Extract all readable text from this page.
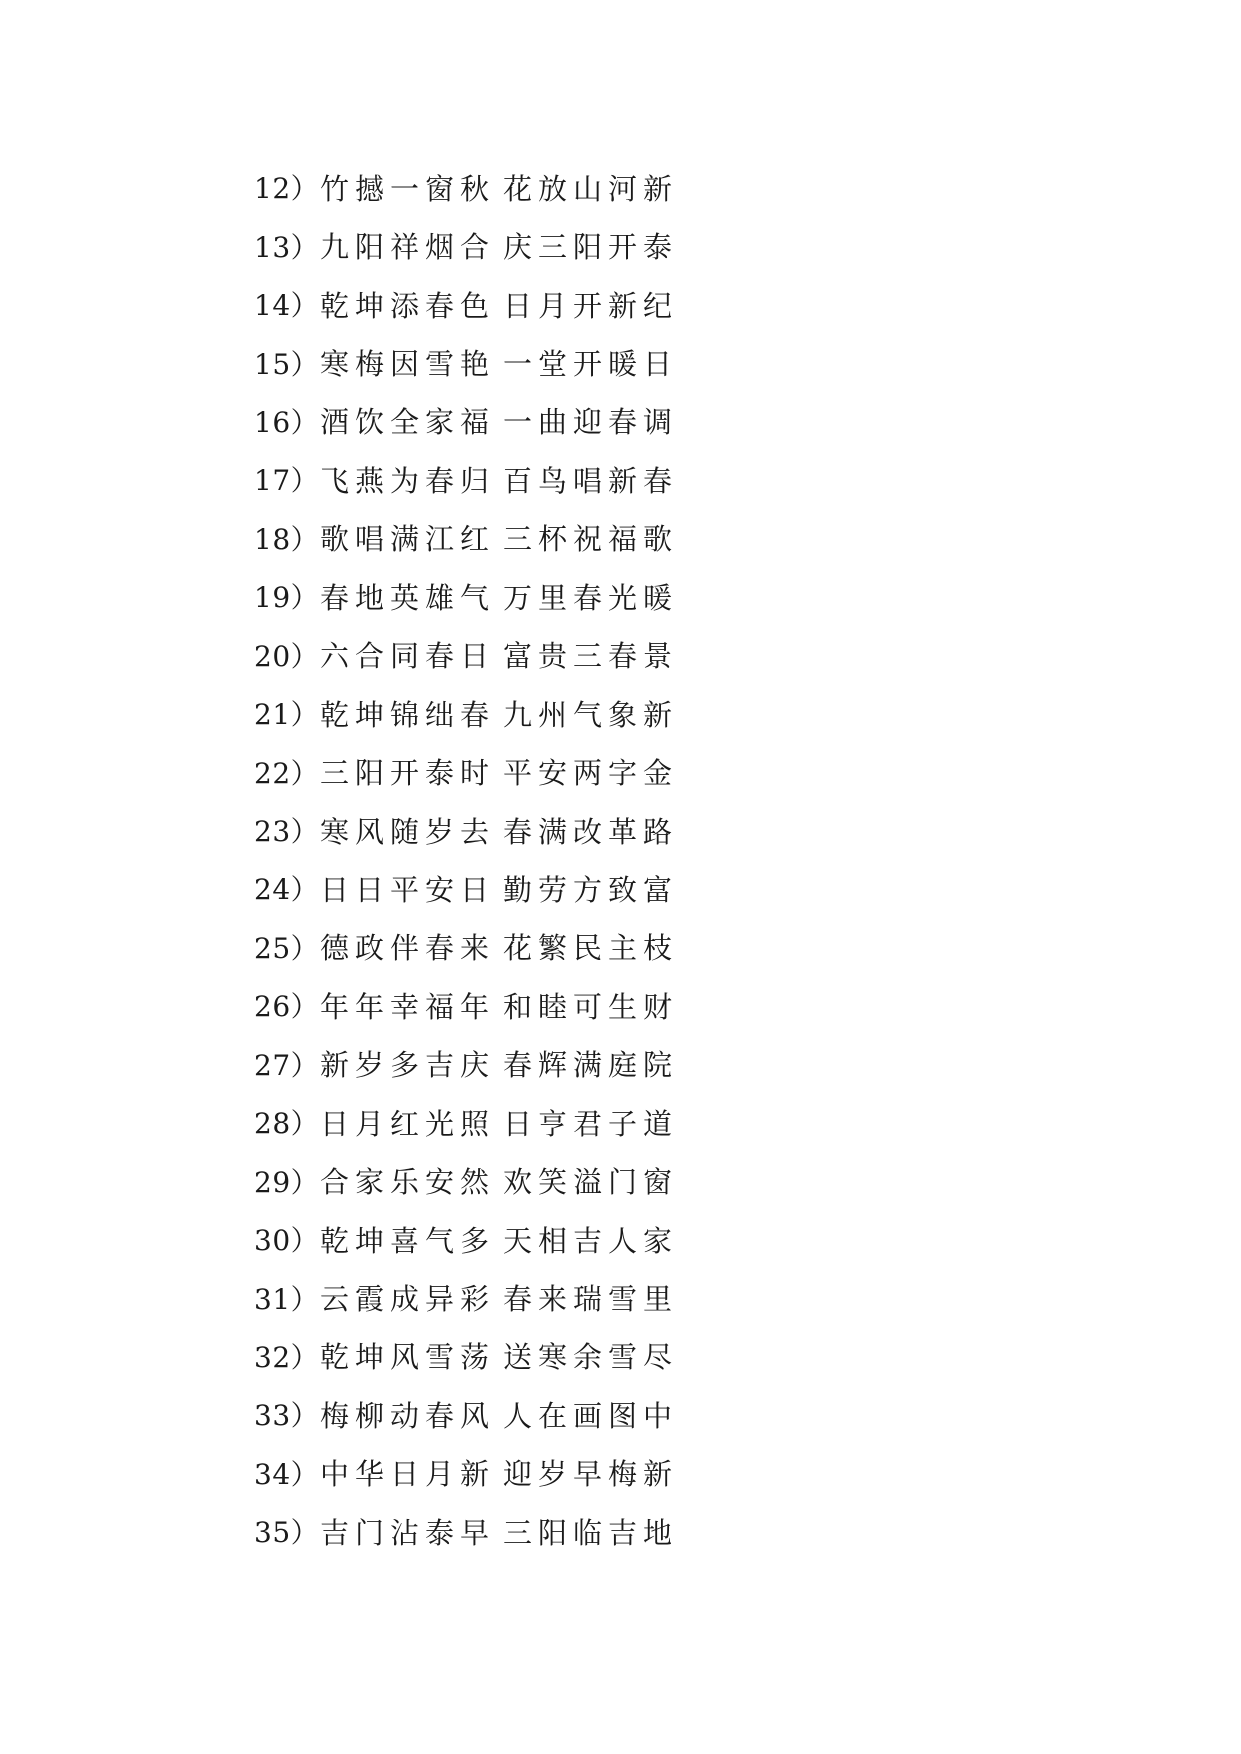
12） 竹撼一窗秋 花放山河新
13） 九阳祥烟合 庆三阳开泰
14） 乾坤添春色 日月开新纪
15） 寒梅因雪艳 一堂开暖日
16） 酒饮全家福 一曲迎春调
17） 飞燕为春归 百鸟唱新春
18） 歌唱满江红 三杯祝福歌
19） 春地英雄气 万里春光暖
20） 六合同春日 富贵三春景
21） 乾坤锦绌春 九州气象新
22） 三阳开泰时 平安两字金
23） 寒风随岁去 春满改革路
24） 日日平安日 勤劳方致富
25） 德政伴春来 花繁民主枝
26） 年年幸福年 和睦可生财
27） 新岁多吉庆 春辉满庭院
28） 日月红光照 日亨君子道
29） 合家乐安然 欢笑溢门窗
30） 乾坤喜气多 天相吉人家
31） 云霞成异彩 春来瑞雪里
32） 乾坤风雪荡 送寒余雪尽
33） 梅柳动春风 人在画图中
34） 中华日月新 迎岁早梅新
35） 吉门沾泰早 三阳临吉地
